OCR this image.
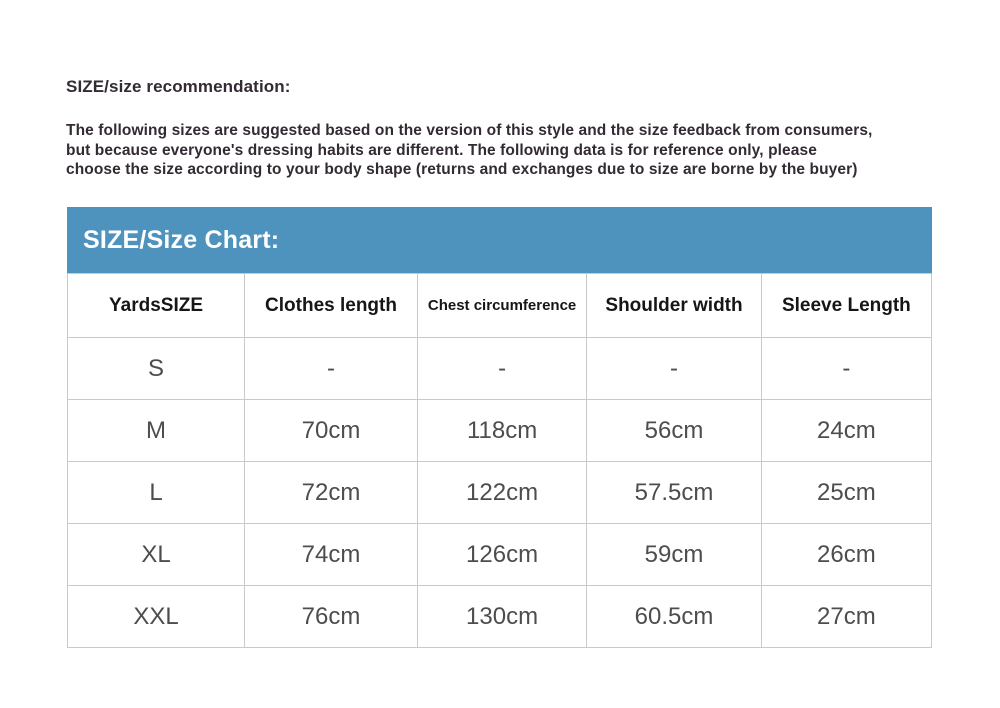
SIZE/size recommendation:
The following sizes are suggested based on the version of this style and the size feedback from consumers,
but because everyone's dressing habits are different. The following data is for reference only, please
choose the size according to your body shape (returns and exchanges due to size are borne by the buyer)
SIZE/Size Chart:
YardsSIZE	Clothes length	Chest circumference	Shoulder width	Sleeve Length
S	-	-	-	-
M	70cm	118cm	56cm	24cm
L	72cm	122cm	57.5cm	25cm
XL	74cm	126cm	59cm	26cm
XXL	76cm	130cm	60.5cm	27cm
